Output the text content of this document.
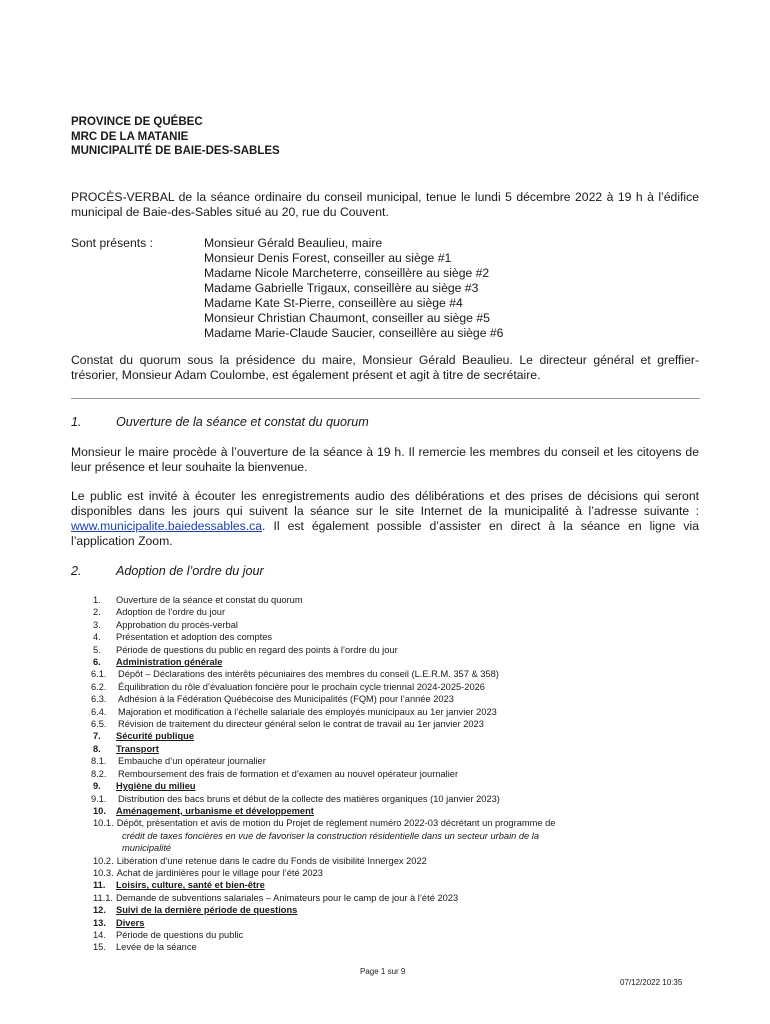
PROVINCE DE QUÉBEC
MRC DE LA MATANIE
MUNICIPALITÉ DE BAIE-DES-SABLES
PROCÈS-VERBAL de la séance ordinaire du conseil municipal, tenue le lundi 5 décembre 2022 à 19 h à l’édifice municipal de Baie-des-Sables situé au 20, rue du Couvent.
Sont présents :	Monsieur Gérald Beaulieu, maire
Monsieur Denis Forest, conseiller au siège #1
Madame Nicole Marcheterre, conseillère au siège #2
Madame Gabrielle Trigaux, conseillère au siège #3
Madame Kate St-Pierre, conseillère au siège #4
Monsieur Christian Chaumont, conseiller au siège #5
Madame Marie-Claude Saucier, conseillère au siège #6
Constat du quorum sous la présidence du maire, Monsieur Gérald Beaulieu. Le directeur général et greffier-trésorier, Monsieur Adam Coulombe, est également présent et agit à titre de secrétaire.
1.	Ouverture de la séance et constat du quorum
Monsieur le maire procède à l’ouverture de la séance à 19 h. Il remercie les membres du conseil et les citoyens de leur présence et leur souhaite la bienvenue.
Le public est invité à écouter les enregistrements audio des délibérations et des prises de décisions qui seront disponibles dans les jours qui suivent la séance sur le site Internet de la municipalité à l’adresse suivante : www.municipalite.baiedessables.ca. Il est également possible d’assister en direct à la séance en ligne via l’application Zoom.
2.	Adoption de l’ordre du jour
1.	Ouverture de la séance et constat du quorum
2.	Adoption de l’ordre du jour
3.	Approbation du procès-verbal
4.	Présentation et adoption des comptes
5.	Période de questions du public en regard des points à l’ordre du jour
6.	Administration générale
6.1.	Dépôt – Déclarations des intérêts pécuniaires des membres du conseil (L.E.R.M. 357 & 358)
6.2.	Équilibration du rôle d’évaluation foncière pour le prochain cycle triennal 2024-2025-2026
6.3.	Adhésion à la Fédération Québécoise des Municipalités (FQM) pour l’année 2023
6.4.	Majoration et modification à l’échelle salariale des employés municipaux au 1er janvier 2023
6.5.	Révision de traitement du directeur général selon le contrat de travail au 1er janvier 2023
7.	Sécurité publique
8.	Transport
8.1.	Embauche d’un opérateur journalier
8.2.	Remboursement des frais de formation et d’examen au nouvel opérateur journalier
9.	Hygiène du milieu
9.1.	Distribution des bacs bruns et début de la collecte des matières organiques (10 janvier 2023)
10.	Aménagement, urbanisme et développement
10.1. Dépôt, présentation et avis de motion du Projet de règlement numéro 2022-03 décrétant un programme de
crédit de taxes foncières en vue de favoriser la construction résidentielle dans un secteur urbain de la
municipalité
10.2. Libération d’une retenue dans le cadre du Fonds de visibilité Innergex 2022
10.3. Achat de jardinières pour le village pour l’été 2023
11.	Loisirs, culture, santé et bien-être
11.1. Demande de subventions salariales – Animateurs pour le camp de jour à l’été 2023
12.	Suivi de la dernière période de questions
13.	Divers
14.	Période de questions du public
15.	Levée de la séance
Page 1 sur 9
07/12/2022 10:35
